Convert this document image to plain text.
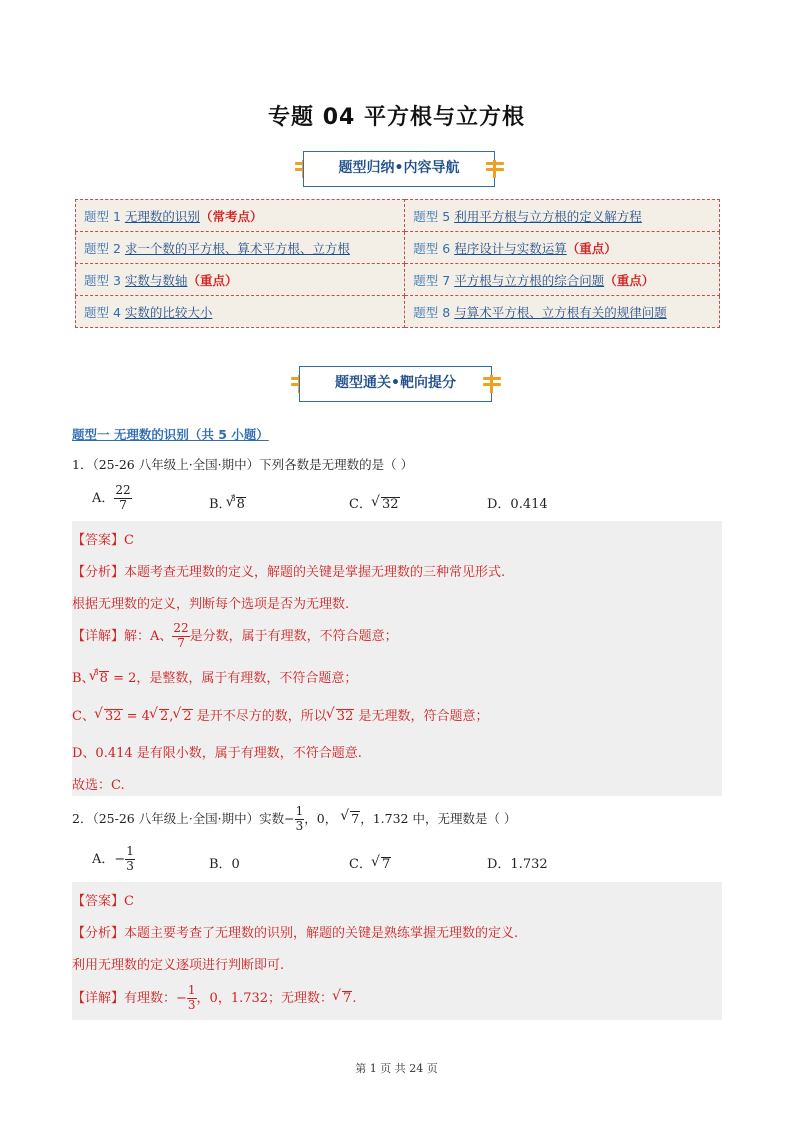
专题 04 平方根与立方根
题型归纳•内容导航
题型 1 无理数的识别（常考点）	题型 5 利用平方根与立方根的定义解方程
题型 2 求一个数的平方根、算术平方根、立方根	题型 6 程序设计与实数运算（重点）
题型 3 实数与数轴（重点）	题型 7 平方根与立方根的综合问题（重点）
题型 4 实数的比较大小	题型 8 与算术平方根、立方根有关的规律问题
题型通关•靶向提分
题型一 无理数的识别（共 5 小题）
1．（25-26 八年级上·全国·期中）下列各数是无理数的是（ ）
A． $\frac{22}{7}$	B．$^3$√ 8	C． √ 32	D．0.414
【答案】C
【分析】本题考查无理数的定义，解题的关键是掌握无理数的三种常见形式.
根据无理数的定义，判断每个选项是否为无理数.
【详解】解：A、 $\frac{22}{7}$ 是分数，属于有理数，不符合题意；
B、$^3$√ 8 = 2，是整数，属于有理数，不符合题意；
C、 √ 32 = 4 √ 2, √ 2 是开不尽方的数，所以 √ 32 是无理数，符合题意；
D、0.414 是有限小数，属于有理数，不符合题意.
故选：C.
2．（25-26 八年级上·全国·期中）实数− $\frac{1}{3}$ ，0， √ 7，1.732 中，无理数是（ ）
A．− $\frac{1}{3}$	B．0	C． √ 7	D．1.732
【答案】C
【分析】本题主要考查了无理数的识别，解题的关键是熟练掌握无理数的定义.
利用无理数的定义逐项进行判断即可.
【详解】有理数：− $\frac{1}{3}$ ，0，1.732；无理数： √ 7.
第 1 页 共 24 页
